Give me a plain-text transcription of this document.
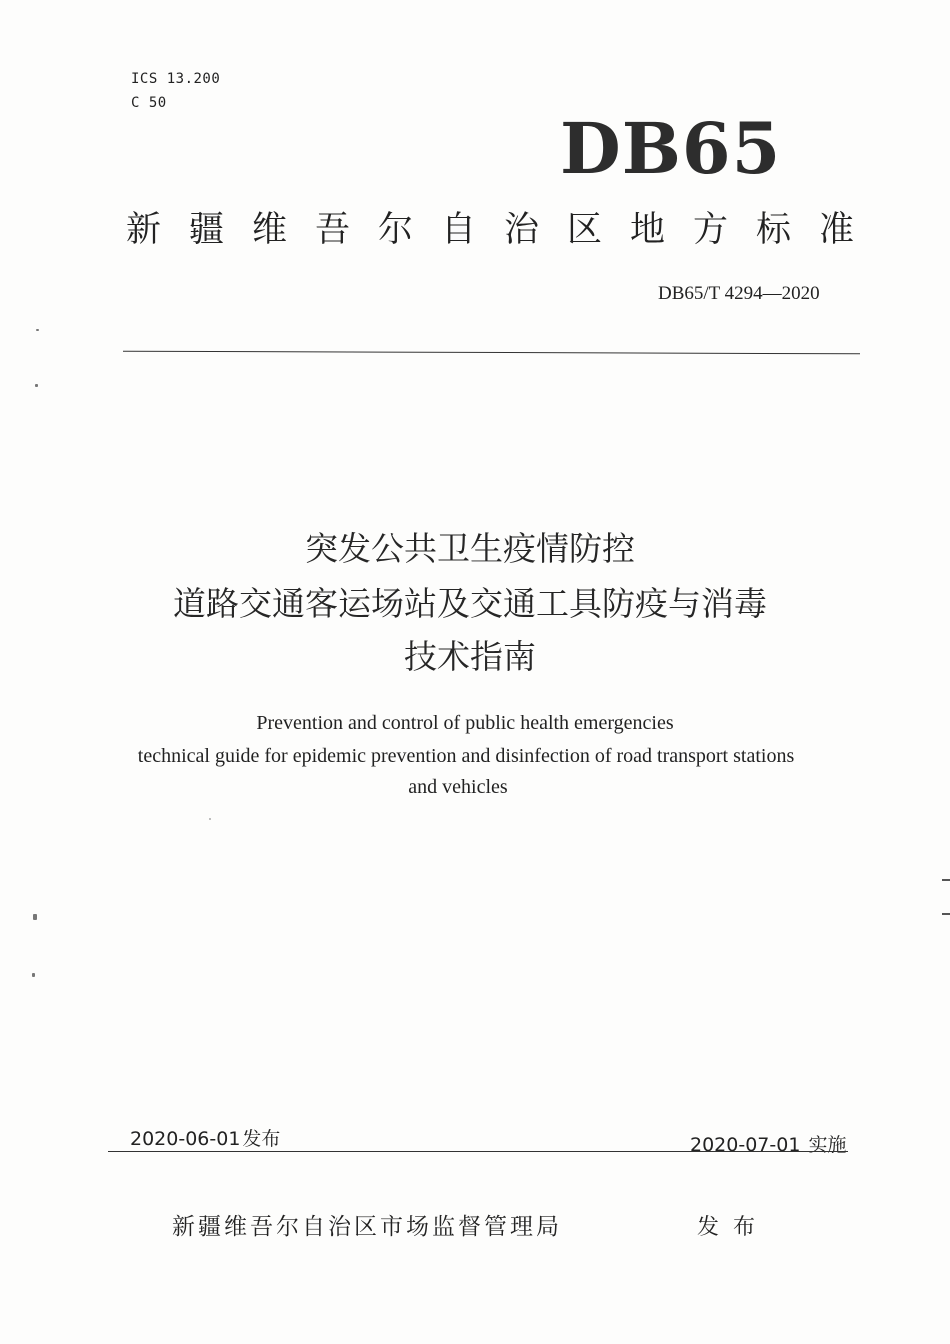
ICS 13.200
C 50
DB65
新疆维吾尔自治区地方标准
DB65/T 4294—2020
突发公共卫生疫情防控
道路交通客运场站及交通工具防疫与消毒
技术指南
Prevention and control of public health emergencies
technical guide for epidemic prevention and disinfection of road transport stations
and vehicles
2020-06-01 发布	2020-07-01 实施
新疆维吾尔自治区市场监督管理局	发布
